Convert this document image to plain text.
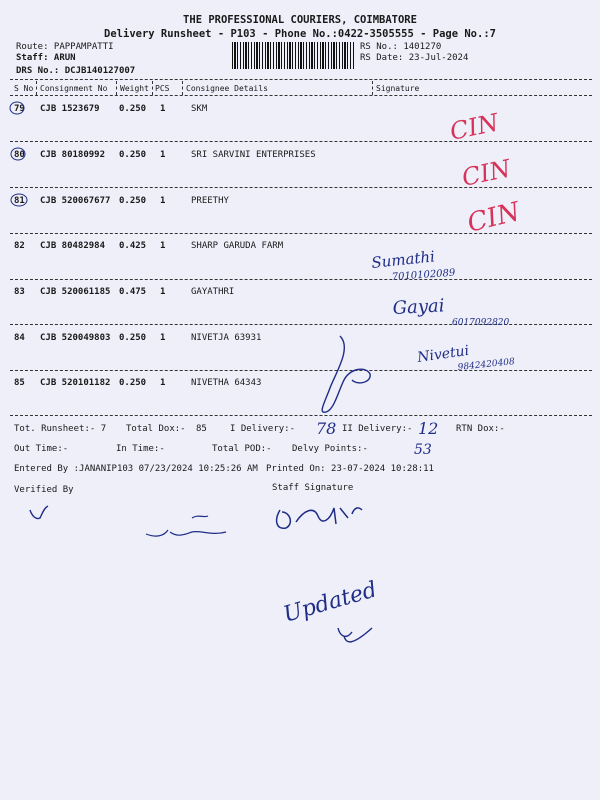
THE PROFESSIONAL COURIERS, COIMBATORE
Delivery Runsheet - P103 - Phone No.:0422-3505555 - Page No.:7
Route: PAPPAMPATTI
Staff: ARUN
DRS No.: DCJB140127007
RS No.: 1401270
RS Date: 23-Jul-2024
S No Consignment No Weight PCS Consignee Details	Signature
79 CJB 1523679 0.250 1	SKM
80 CJB 80180992 0.250 1	SRI SARVINI ENTERPRISES
81 CJB 520067677 0.250 1	PREETHY
82 CJB 80482984 0.425 1	SHARP GARUDA FARM
83 CJB 520061185 0.475 1	GAYATHRI
84 CJB 520049803 0.250 1	NIVETJA 63931
85 CJB 520101182 0.250 1	NIVETHA 64343
Tot. Runsheet:- 7 Total Dox:- 85	I Delivery:-	II Delivery:-	RTN Dox:-
Out Time:-	In Time:-	Total POD:- Delvy Points:-
Entered By :JANANIP103 07/23/2024 10:25:26 AM Printed On: 23-07-2024 10:28:11
Verified By	Staff Signature
CIN
CIN
CIN
Sumathi
7010102089
Gayai
6017092820
Nivetui
9842420408
78	12
53
Updated
